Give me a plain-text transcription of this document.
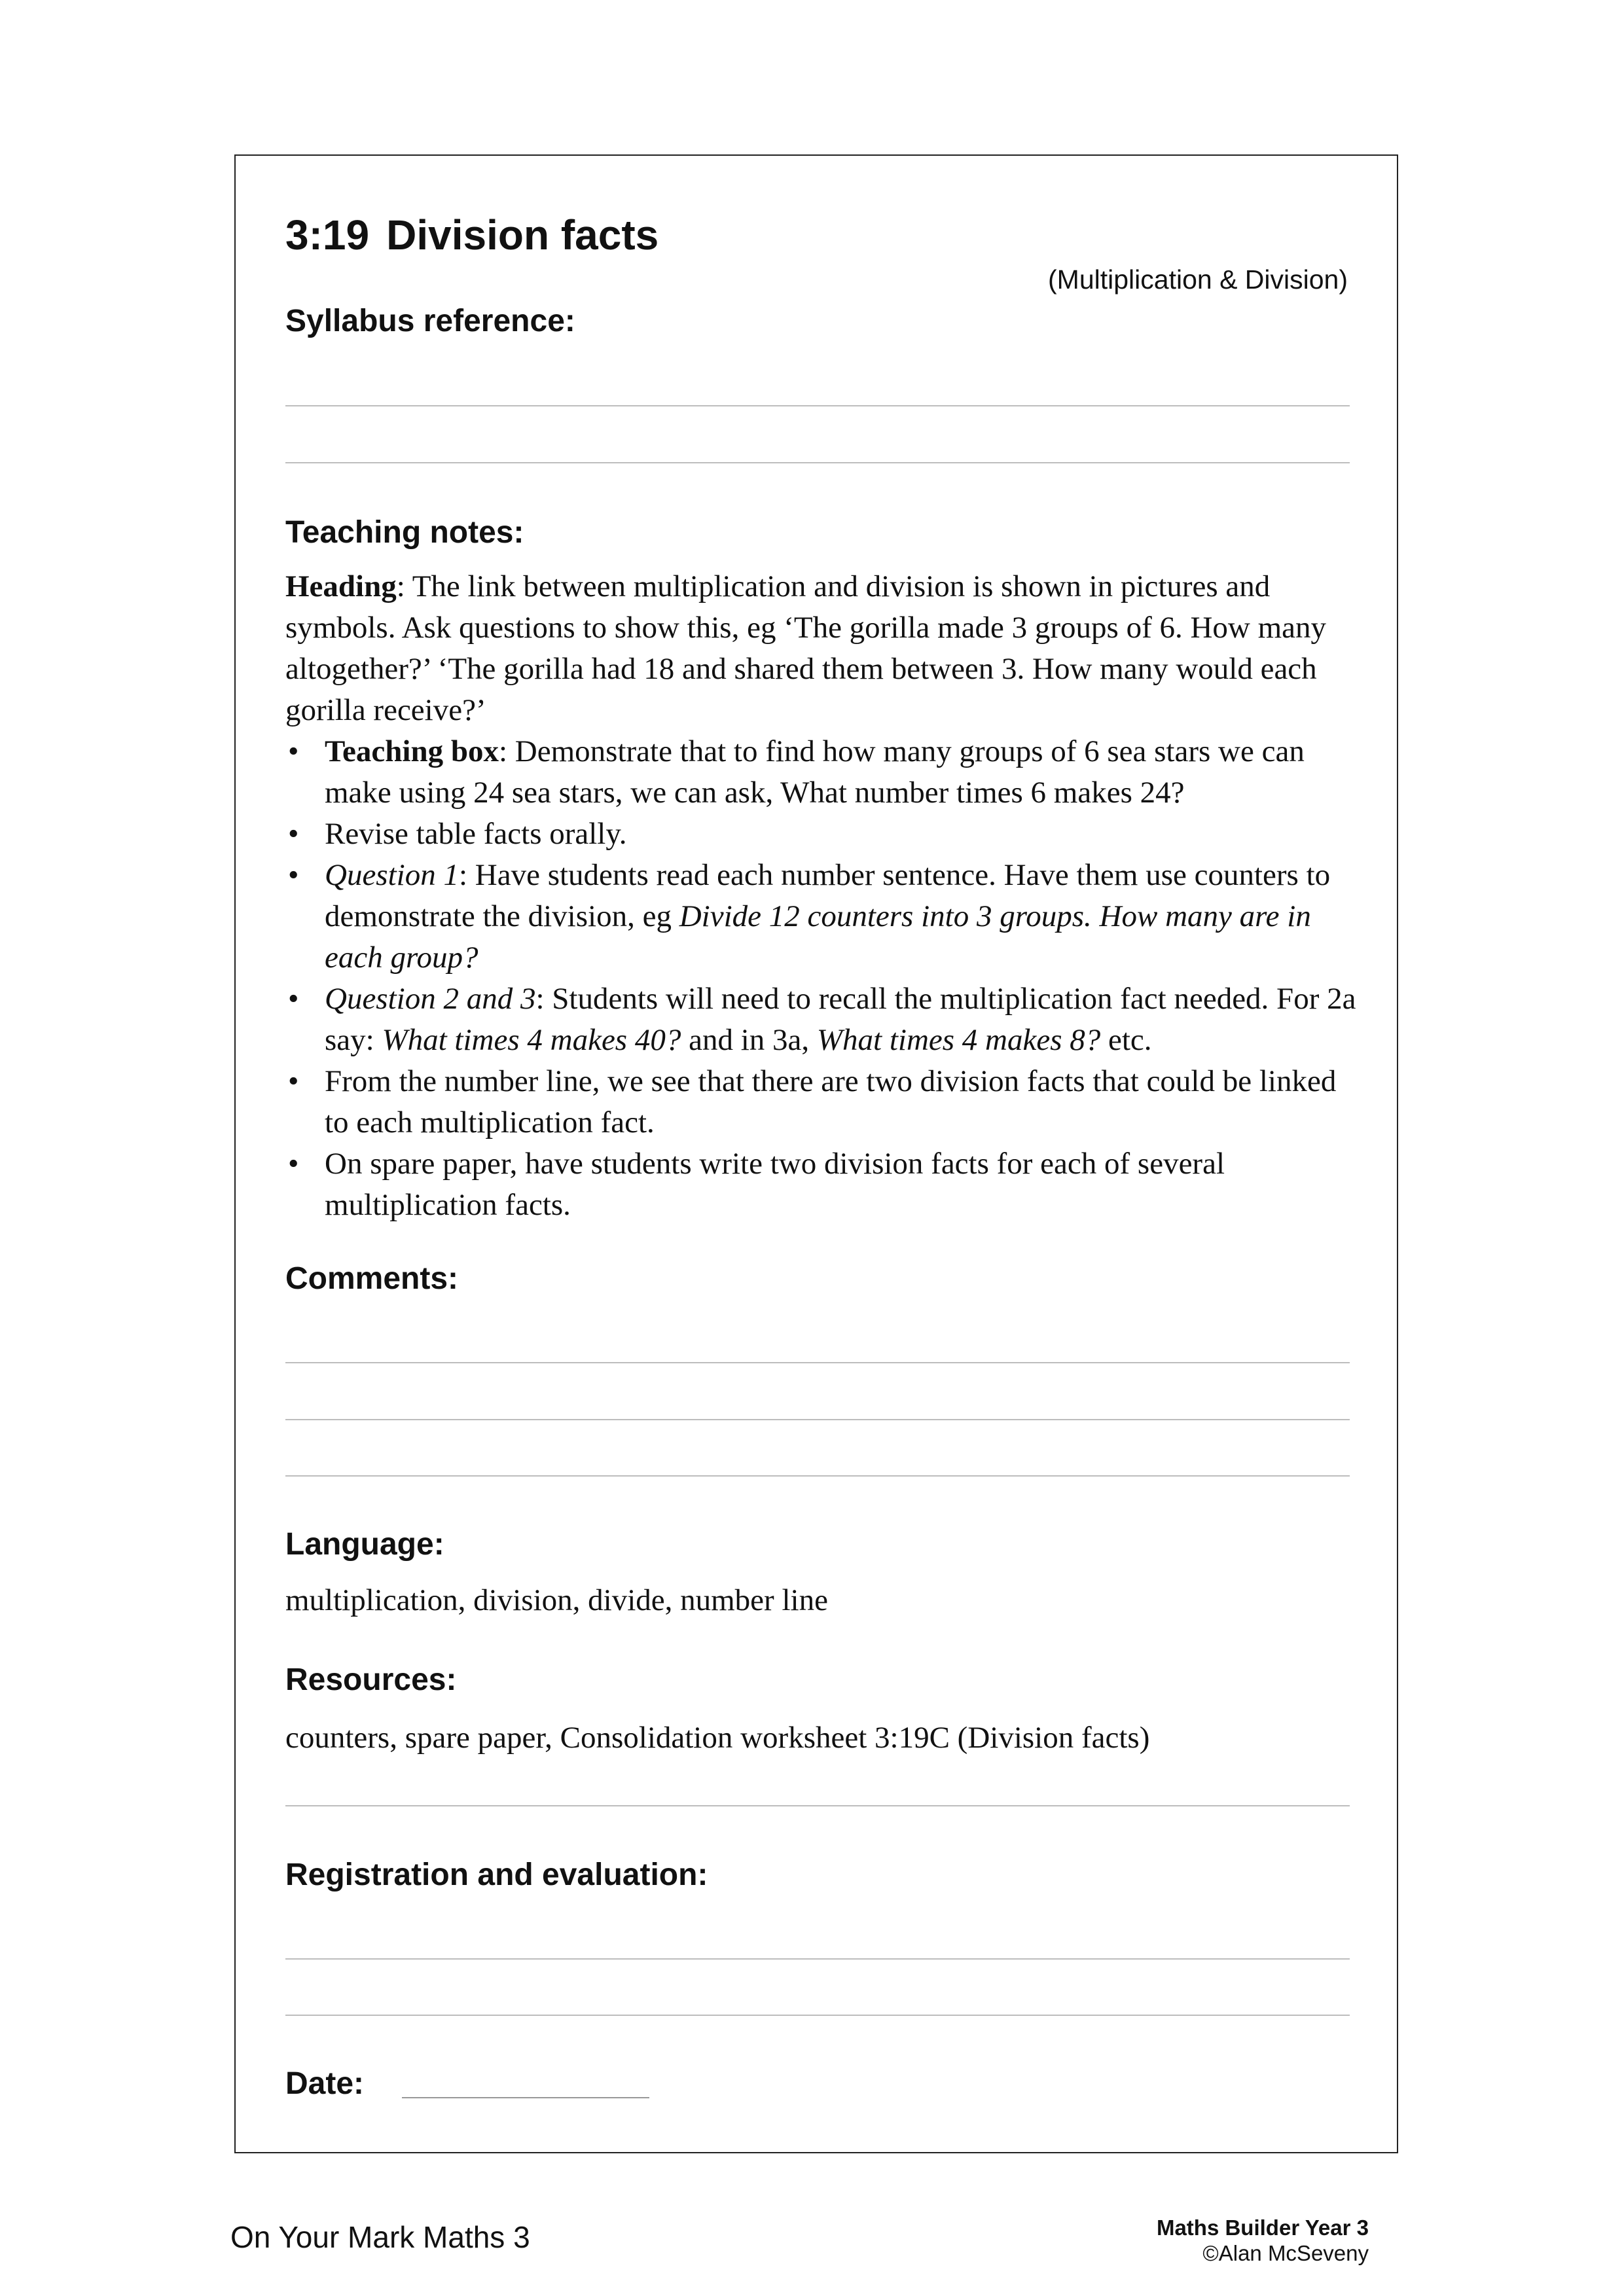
3:19 Division facts
(Multiplication & Division)
Syllabus reference:
Teaching notes:

Heading: The link between multiplication and division is shown in pictures and symbols. Ask questions to show this, eg ‘The gorilla made 3 groups of 6. How many altogether?’ ‘The gorilla had 18 and shared them between 3. How many would each gorilla receive?’

• Teaching box: Demonstrate that to find how many groups of 6 sea stars we can make using 24 sea stars, we can ask, What number times 6 makes 24?
• Revise table facts orally.
• Question 1: Have students read each number sentence. Have them use counters to demonstrate the division, eg Divide 12 counters into 3 groups. How many are in each group?
• Question 2 and 3: Students will need to recall the multiplication fact needed. For 2a say: What times 4 makes 40? and in 3a, What times 4 makes 8? etc.
• From the number line, we see that there are two division facts that could be linked to each multiplication fact.
• On spare paper, have students write two division facts for each of several multiplication facts.
Comments:
Language:
multiplication, division, divide, number line
Resources:
counters, spare paper, Consolidation worksheet 3:19C (Division facts)
Registration and evaluation:
Date:
On Your Mark Maths 3	Maths Builder Year 3
©Alan McSeveny
